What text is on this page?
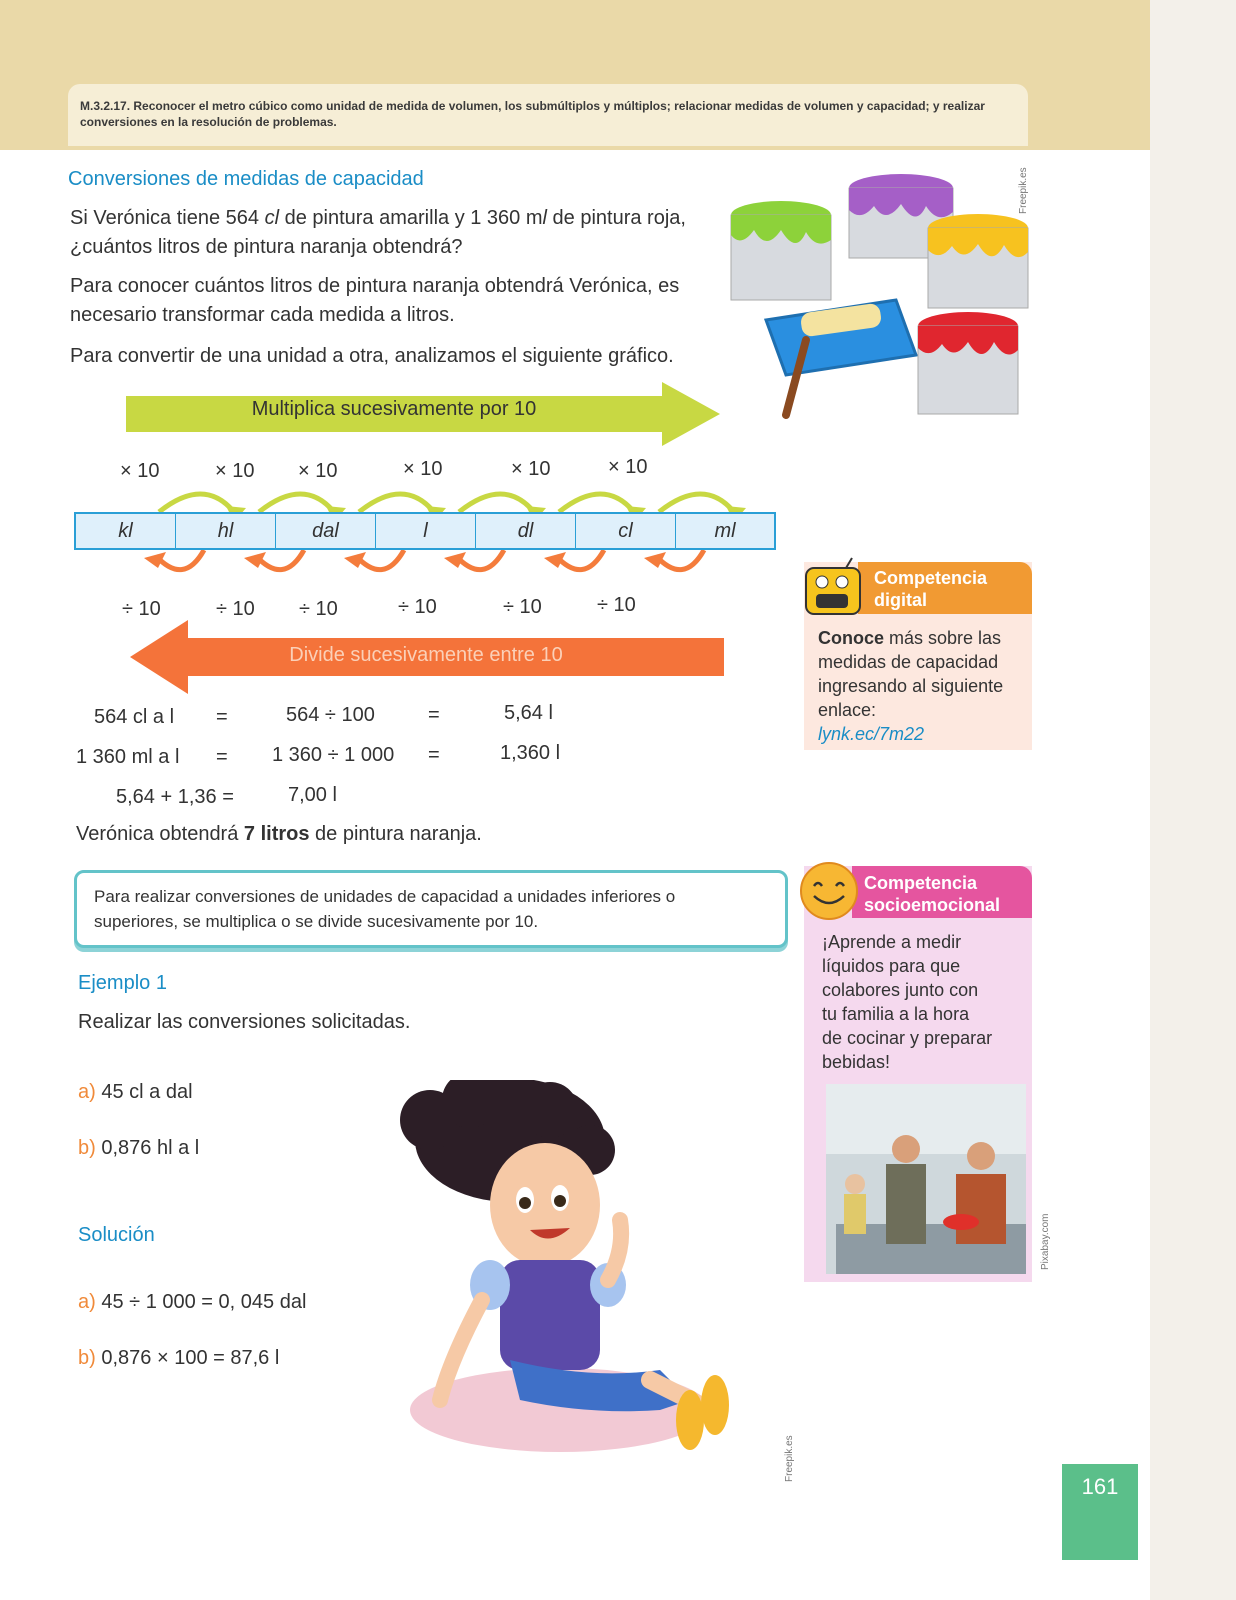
M.3.2.17. Reconocer el metro cúbico como unidad de medida de volumen, los submúltiplos y múltiplos; relacionar medidas de volumen y capacidad; y realizar conversiones en la resolución de problemas.
Conversiones de medidas de capacidad
Si Verónica tiene 564 cl de pintura amarilla y 1 360 ml de pintura roja,
¿cuántos litros de pintura naranja obtendrá?
Para conocer cuántos litros de pintura naranja obtendrá Verónica, es
necesario transformar cada medida a litros.
Para convertir de una unidad a otra, analizamos el siguiente gráfico.
Freepik.es
Multiplica sucesivamente por 10
× 10	× 10 × 10	× 10	× 10	× 10
kl	hl	dal	l	dl	cl	ml
÷ 10	÷ 10 ÷ 10	÷ 10	÷ 10	÷ 10
Divide sucesivamente entre 10
564 cl a l =	564 ÷ 100	=	5,64 l
1 360 ml a l = 1 360 ÷ 1 000 =	1,360 l
5,64 + 1,36 =	7,00 l
Verónica obtendrá 7 litros de pintura naranja.
Para realizar conversiones de unidades de capacidad a unidades inferiores o
superiores, se multiplica o se divide sucesivamente por 10.
Ejemplo 1
Realizar las conversiones solicitadas.
a) 45 cl a dal
b) 0,876 hl a l
Solución
a) 45 ÷ 1 000 = 0, 045 dal
b) 0,876 × 100 = 87,6 l
Freepik.es
Competencia
digital
Conoce más sobre las
medidas de capacidad
ingresando al siguiente
enlace:
lynk.ec/7m22
Competencia
socioemocional
¡Aprende a medir
líquidos para que
colabores junto con
tu familia a la hora
de cocinar y preparar
bebidas!
Pixabay.com
161
